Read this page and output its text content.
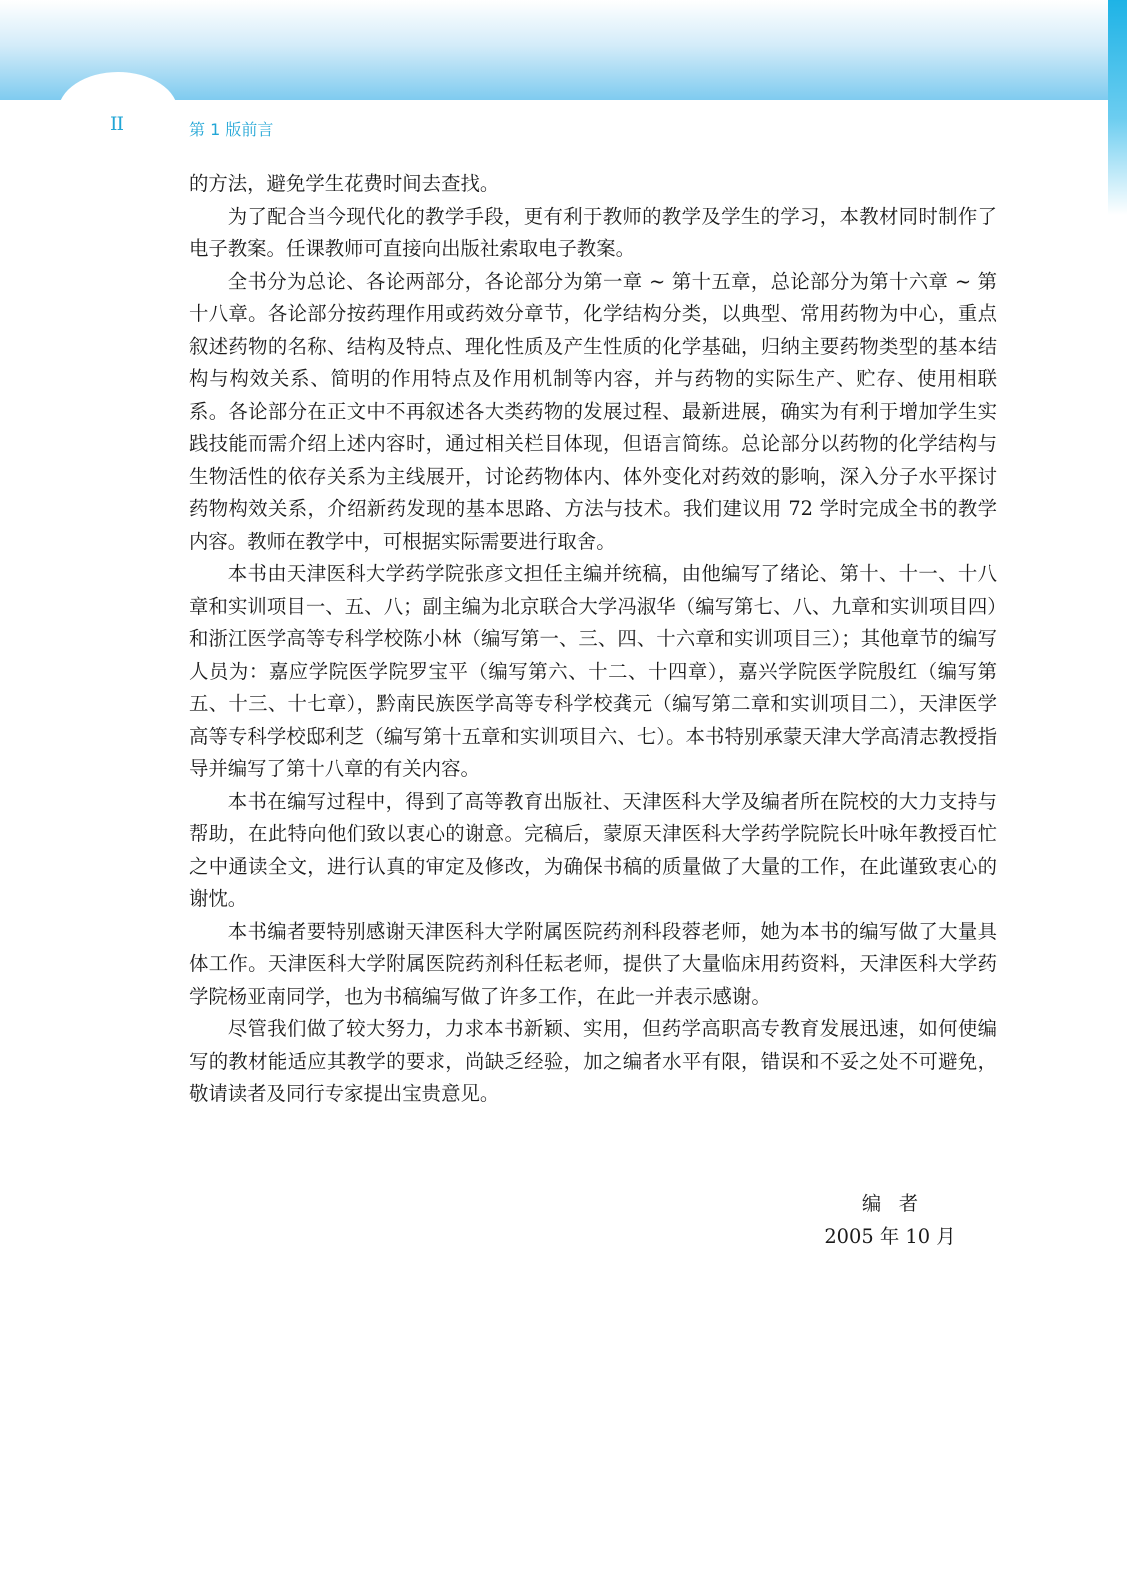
II	第 1 版前言

的方法，避免学生花费时间去查找。

为了配合当今现代化的教学手段，更有利于教师的教学及学生的学习，本教材同时制作了电子教案。任课教师可直接向出版社索取电子教案。

全书分为总论、各论两部分，各论部分为第一章 ~ 第十五章，总论部分为第十六章 ~ 第十八章。各论部分按药理作用或药效分章节，化学结构分类，以典型、常用药物为中心，重点叙述药物的名称、结构及特点、理化性质及产生性质的化学基础，归纳主要药物类型的基本结构与构效关系、简明的作用特点及作用机制等内容，并与药物的实际生产、贮存、使用相联系。各论部分在正文中不再叙述各大类药物的发展过程、最新进展，确实为有利于增加学生实践技能而需介绍上述内容时，通过相关栏目体现，但语言简练。总论部分以药物的化学结构与生物活性的依存关系为主线展开，讨论药物体内、体外变化对药效的影响，深入分子水平探讨药物构效关系，介绍新药发现的基本思路、方法与技术。我们建议用 72 学时完成全书的教学内容。教师在教学中，可根据实际需要进行取舍。

本书由天津医科大学药学院张彦文担任主编并统稿，由他编写了绪论、第十、十一、十八章和实训项目一、五、八；副主编为北京联合大学冯淑华（编写第七、八、九章和实训项目四）和浙江医学高等专科学校陈小林（编写第一、三、四、十六章和实训项目三）；其他章节的编写人员为：嘉应学院医学院罗宝平（编写第六、十二、十四章），嘉兴学院医学院殷红（编写第五、十三、十七章），黔南民族医学高等专科学校龚元（编写第二章和实训项目二），天津医学高等专科学校邸利芝（编写第十五章和实训项目六、七）。本书特别承蒙天津大学高清志教授指导并编写了第十八章的有关内容。

本书在编写过程中，得到了高等教育出版社、天津医科大学及编者所在院校的大力支持与帮助，在此特向他们致以衷心的谢意。完稿后，蒙原天津医科大学药学院院长叶咏年教授百忙之中通读全文，进行认真的审定及修改，为确保书稿的质量做了大量的工作，在此谨致衷心的谢忱。

本书编者要特别感谢天津医科大学附属医院药剂科段蓉老师，她为本书的编写做了大量具体工作。天津医科大学附属医院药剂科任耘老师，提供了大量临床用药资料，天津医科大学药学院杨亚南同学，也为书稿编写做了许多工作，在此一并表示感谢。

尽管我们做了较大努力，力求本书新颖、实用，但药学高职高专教育发展迅速，如何使编写的教材能适应其教学的要求，尚缺乏经验，加之编者水平有限，错误和不妥之处不可避免，敬请读者及同行专家提出宝贵意见。

编者
2005 年 10 月
